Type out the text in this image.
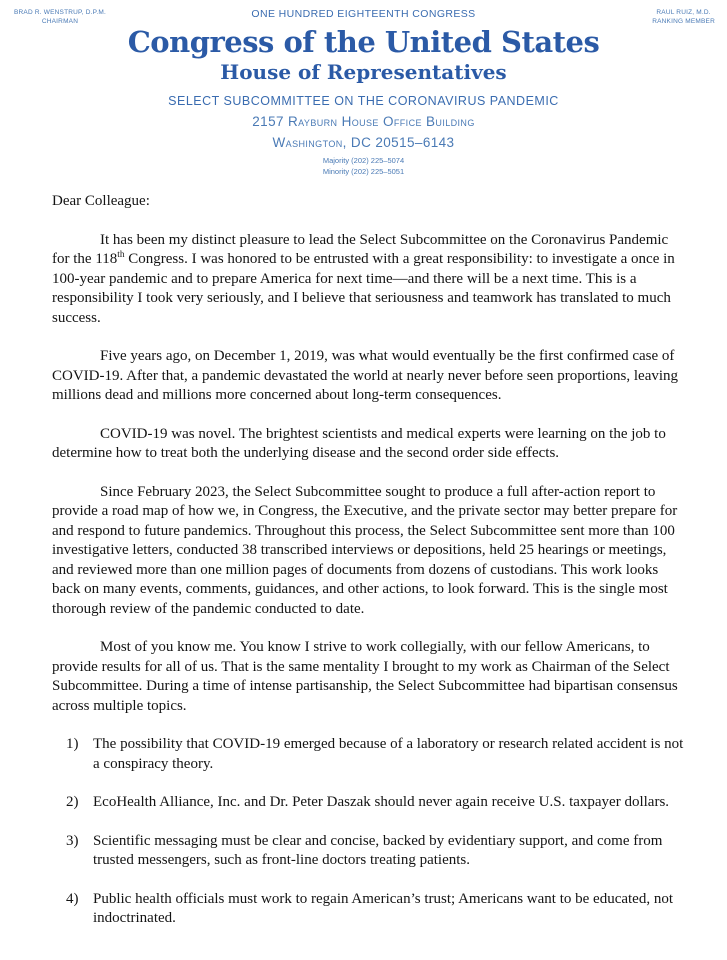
BRAD R. WENSTRUP, D.P.M.
CHAIRMAN
RAUL RUIZ, M.D.
RANKING MEMBER
ONE HUNDRED EIGHTEENTH CONGRESS
Congress of the United States
House of Representatives
SELECT SUBCOMMITTEE ON THE CORONAVIRUS PANDEMIC
2157 Rayburn House Office Building
Washington, DC 20515–6143
Majority (202) 225–5074
Minority (202) 225–5051

Dear Colleague:

It has been my distinct pleasure to lead the Select Subcommittee on the Coronavirus Pandemic for the 118th Congress. I was honored to be entrusted with a great responsibility: to investigate a once in 100-year pandemic and to prepare America for next time—and there will be a next time. This is a responsibility I took very seriously, and I believe that seriousness and teamwork has translated to much success.

Five years ago, on December 1, 2019, was what would eventually be the first confirmed case of COVID-19. After that, a pandemic devastated the world at nearly never before seen proportions, leaving millions dead and millions more concerned about long-term consequences.

COVID-19 was novel. The brightest scientists and medical experts were learning on the job to determine how to treat both the underlying disease and the second order side effects.

Since February 2023, the Select Subcommittee sought to produce a full after-action report to provide a road map of how we, in Congress, the Executive, and the private sector may better prepare for and respond to future pandemics. Throughout this process, the Select Subcommittee sent more than 100 investigative letters, conducted 38 transcribed interviews or depositions, held 25 hearings or meetings, and reviewed more than one million pages of documents from dozens of custodians. This work looks back on many events, comments, guidances, and other actions, to look forward. This is the single most thorough review of the pandemic conducted to date.

Most of you know me. You know I strive to work collegially, with our fellow Americans, to provide results for all of us. That is the same mentality I brought to my work as Chairman of the Select Subcommittee. During a time of intense partisanship, the Select Subcommittee had bipartisan consensus across multiple topics.

1) The possibility that COVID-19 emerged because of a laboratory or research related accident is not a conspiracy theory.
2) EcoHealth Alliance, Inc. and Dr. Peter Daszak should never again receive U.S. taxpayer dollars.
3) Scientific messaging must be clear and concise, backed by evidentiary support, and come from trusted messengers, such as front-line doctors treating patients.
4) Public health officials must work to regain American’s trust; Americans want to be educated, not indoctrinated.
